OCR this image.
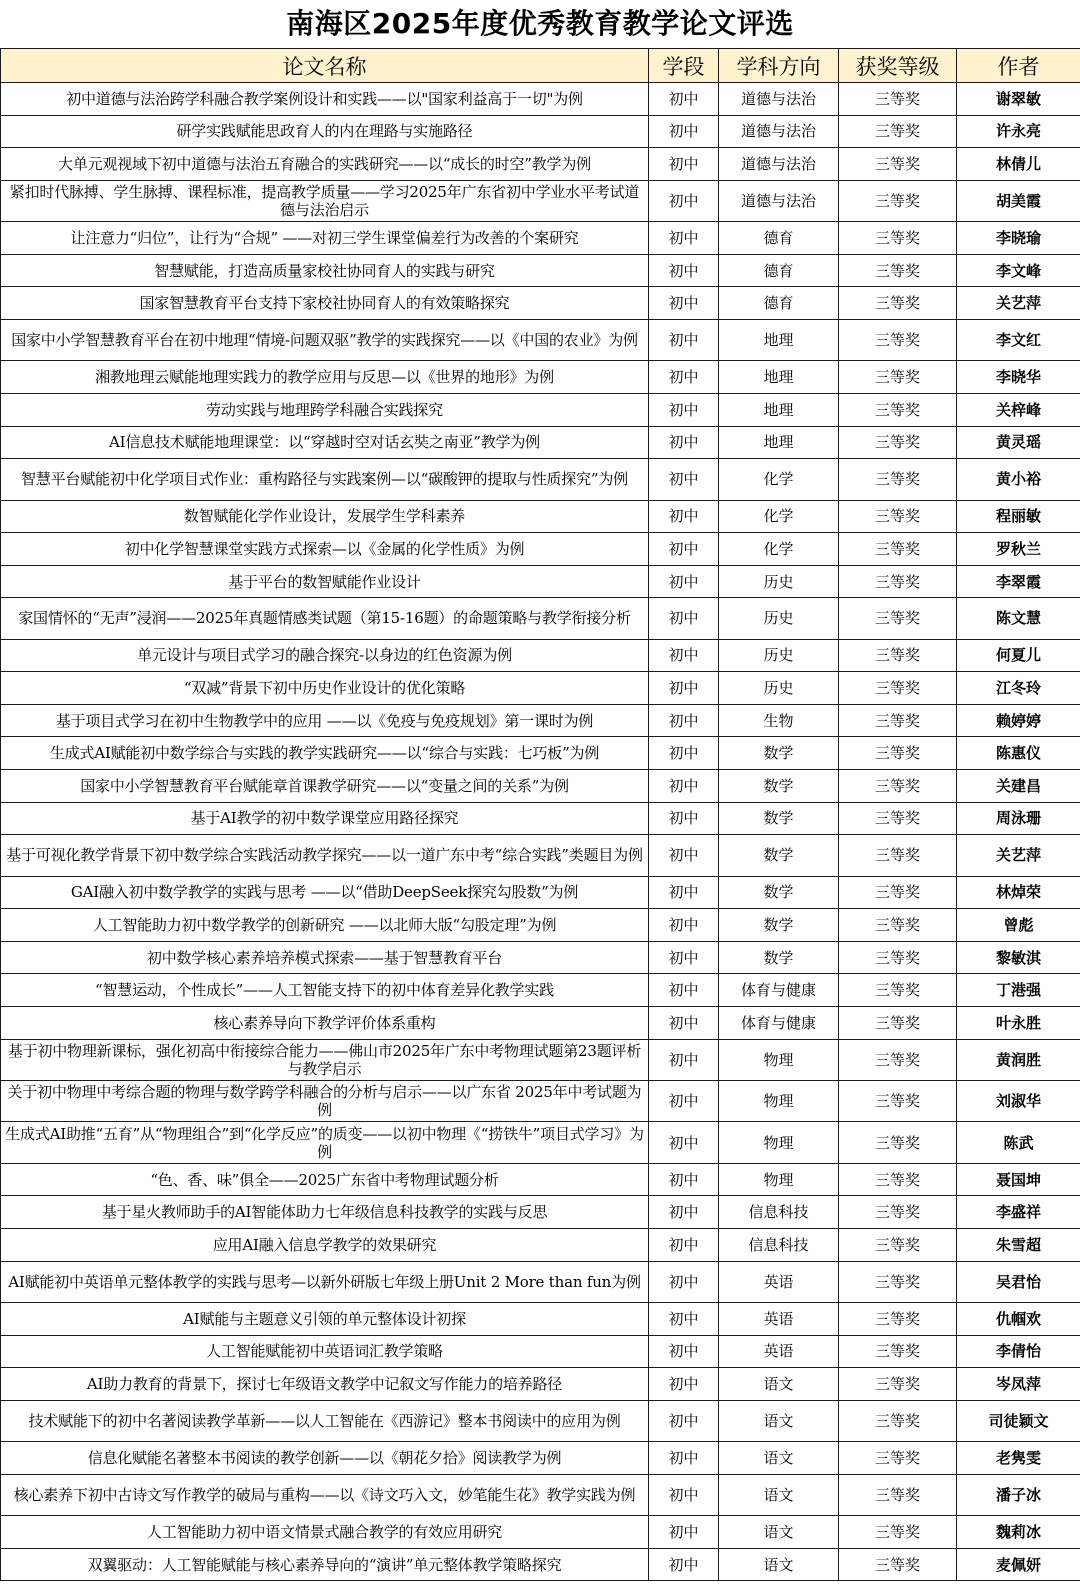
南海区2025年度优秀教育教学论文评选
论文名称	学段	学科方向	获奖等级	作者
初中道德与法治跨学科融合教学案例设计和实践——以"国家利益高于一切"为例	初中	道德与法治	三等奖	谢翠敏
研学实践赋能思政育人的内在理路与实施路径	初中	道德与法治	三等奖	许永亮
大单元观视域下初中道德与法治五育融合的实践研究——以“成长的时空”教学为例	初中	道德与法治	三等奖	林倩儿
紧扣时代脉搏、学生脉搏、课程标准，提高教学质量——学习2025年广东省初中学业水平考试道德与法治启示	初中	道德与法治	三等奖	胡美霞
让注意力“归位”，让行为“合规” ——对初三学生课堂偏差行为改善的个案研究	初中	德育	三等奖	李晓瑜
智慧赋能，打造高质量家校社协同育人的实践与研究	初中	德育	三等奖	李文峰
国家智慧教育平台支持下家校社协同育人的有效策略探究	初中	德育	三等奖	关艺萍
国家中小学智慧教育平台在初中地理“情境-问题双驱”教学的实践探究——以《中国的农业》为例	初中	地理	三等奖	李文红
湘教地理云赋能地理实践力的教学应用与反思—以《世界的地形》为例	初中	地理	三等奖	李晓华
劳动实践与地理跨学科融合实践探究	初中	地理	三等奖	关梓峰
AI信息技术赋能地理课堂：以“穿越时空对话玄奘之南亚”教学为例	初中	地理	三等奖	黄灵瑶
智慧平台赋能初中化学项目式作业：重构路径与实践案例—以“碳酸钾的提取与性质探究”为例	初中	化学	三等奖	黄小裕
数智赋能化学作业设计，发展学生学科素养	初中	化学	三等奖	程丽敏
初中化学智慧课堂实践方式探索—以《金属的化学性质》为例	初中	化学	三等奖	罗秋兰
基于平台的数智赋能作业设计	初中	历史	三等奖	李翠霞
家国情怀的“无声”浸润——2025年真题情感类试题（第15-16题）的命题策略与教学衔接分析	初中	历史	三等奖	陈文慧
单元设计与项目式学习的融合探究-以身边的红色资源为例	初中	历史	三等奖	何夏儿
“双减”背景下初中历史作业设计的优化策略	初中	历史	三等奖	江冬玲
基于项目式学习在初中生物教学中的应用 ——以《免疫与免疫规划》第一课时为例	初中	生物	三等奖	赖婷婷
生成式AI赋能初中数学综合与实践的教学实践研究——以“综合与实践：七巧板”为例	初中	数学	三等奖	陈惠仪
国家中小学智慧教育平台赋能章首课教学研究——以“变量之间的关系”为例	初中	数学	三等奖	关建昌
基于AI教学的初中数学课堂应用路径探究	初中	数学	三等奖	周泳珊
基于可视化教学背景下初中数学综合实践活动教学探究——以一道广东中考“综合实践”类题目为例	初中	数学	三等奖	关艺萍
GAI融入初中数学教学的实践与思考 ——以“借助DeepSeek探究勾股数”为例	初中	数学	三等奖	林焯荣
人工智能助力初中数学教学的创新研究 ——以北师大版“勾股定理”为例	初中	数学	三等奖	曾彪
初中数学核心素养培养模式探索——基于智慧教育平台	初中	数学	三等奖	黎敏淇
“智慧运动，个性成长”——人工智能支持下的初中体育差异化教学实践	初中	体育与健康	三等奖	丁港强
核心素养导向下教学评价体系重构	初中	体育与健康	三等奖	叶永胜
基于初中物理新课标，强化初高中衔接综合能力——佛山市2025年广东中考物理试题第23题评析与教学启示	初中	物理	三等奖	黄润胜
关于初中物理中考综合题的物理与数学跨学科融合的分析与启示——以广东省 2025年中考试题为例	初中	物理	三等奖	刘淑华
生成式AI助推“五育”从“物理组合”到“化学反应”的质变——以初中物理《“捞铁牛”项目式学习》为例	初中	物理	三等奖	陈武
“色、香、味”俱全——2025广东省中考物理试题分析	初中	物理	三等奖	聂国坤
基于星火教师助手的AI智能体助力七年级信息科技教学的实践与反思	初中	信息科技	三等奖	李盛祥
应用AI融入信息学教学的效果研究	初中	信息科技	三等奖	朱雪超
AI赋能初中英语单元整体教学的实践与思考—以新外研版七年级上册Unit 2 More than fun为例	初中	英语	三等奖	吴君怡
AI赋能与主题意义引领的单元整体设计初探	初中	英语	三等奖	仇帼欢
人工智能赋能初中英语词汇教学策略	初中	英语	三等奖	李倩怡
AI助力教育的背景下，探讨七年级语文教学中记叙文写作能力的培养路径	初中	语文	三等奖	岑凤萍
技术赋能下的初中名著阅读教学革新——以人工智能在《西游记》整本书阅读中的应用为例	初中	语文	三等奖	司徒颖文
信息化赋能名著整本书阅读的教学创新——以《朝花夕拾》阅读教学为例	初中	语文	三等奖	老隽雯
核心素养下初中古诗文写作教学的破局与重构——以《诗文巧入文，妙笔能生花》教学实践为例	初中	语文	三等奖	潘子冰
人工智能助力初中语文情景式融合教学的有效应用研究	初中	语文	三等奖	魏莉冰
双翼驱动：人工智能赋能与核心素养导向的“演讲”单元整体教学策略探究	初中	语文	三等奖	麦佩妍
